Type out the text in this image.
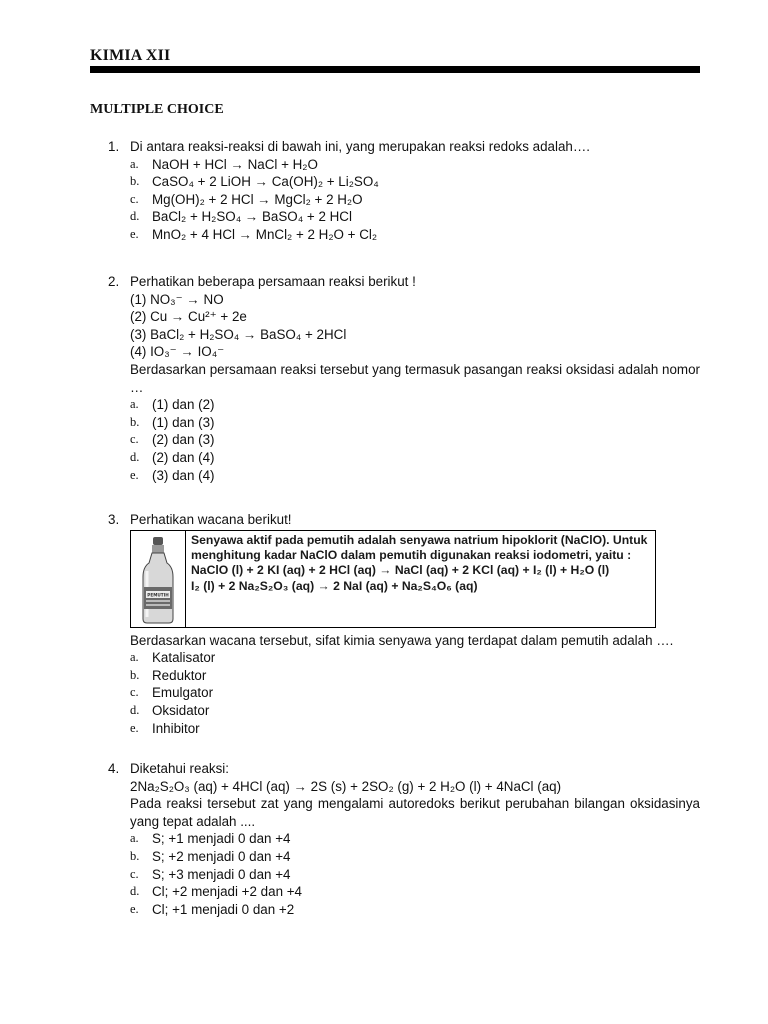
KIMIA XII
MULTIPLE CHOICE
1. Di antara reaksi-reaksi di bawah ini, yang merupakan reaksi redoks adalah….
a. NaOH + HCl → NaCl + H₂O
b. CaSO₄ + 2 LiOH → Ca(OH)₂ + Li₂SO₄
c. Mg(OH)₂ + 2 HCl → MgCl₂ + 2 H₂O
d. BaCl₂ + H₂SO₄ → BaSO₄ + 2 HCl
e. MnO₂ + 4 HCl → MnCl₂ + 2 H₂O + Cl₂
2. Perhatikan beberapa persamaan reaksi berikut !
(1) NO₃⁻ → NO
(2) Cu → Cu²⁺ + 2e
(3) BaCl₂ + H₂SO₄ → BaSO₄ + 2HCl
(4) IO₃⁻ → IO₄⁻
Berdasarkan persamaan reaksi tersebut yang termasuk pasangan reaksi oksidasi adalah nomor …
a. (1) dan (2)
b. (1) dan (3)
c. (2) dan (3)
d. (2) dan (4)
e. (3) dan (4)
3. Perhatikan wacana berikut!
PEMUTIH
Senyawa aktif pada pemutih adalah senyawa natrium hipoklorit (NaClO). Untuk
menghitung kadar NaClO dalam pemutih digunakan reaksi iodometri, yaitu :
NaClO (l) + 2 KI (aq) + 2 HCl (aq) → NaCl (aq) + 2 KCl (aq) + I₂ (l) + H₂O (l)
I₂ (l) + 2 Na₂S₂O₃ (aq) → 2 NaI (aq) + Na₂S₄O₆ (aq)
Berdasarkan wacana tersebut, sifat kimia senyawa yang terdapat dalam pemutih adalah ….
a. Katalisator
b. Reduktor
c. Emulgator
d. Oksidator
e. Inhibitor
4. Diketahui reaksi:
2Na₂S₂O₃ (aq) + 4HCl (aq) → 2S (s) + 2SO₂ (g) + 2 H₂O (l) + 4NaCl (aq)
Pada reaksi tersebut zat yang mengalami autoredoks berikut perubahan bilangan oksidasinya yang tepat adalah ....
a. S; +1 menjadi 0 dan +4
b. S; +2 menjadi 0 dan +4
c. S; +3 menjadi 0 dan +4
d. Cl; +2 menjadi +2 dan +4
e. Cl; +1 menjadi 0 dan +2
